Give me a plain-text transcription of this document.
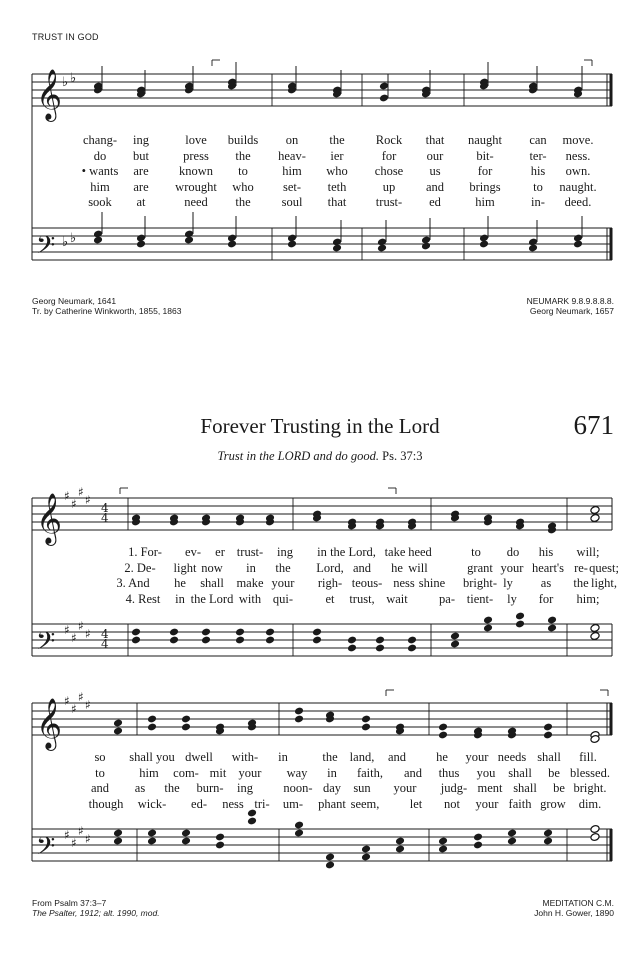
𝄞
𝄢
♭ ♭
♭ ♭
𝄞
𝄢
♯
♯
♯
♯
♯
♯
♯
♯
4
4
4
4
𝄞
𝄢
♯
♯
♯
♯
♯
♯
♯
♯
TRUST IN GOD
chang- ing	love builds on the Rock that naught can move.
do but	press the heav- ier	for our	bit-	ter- ness.
• wants are known to	him who chose us	for	his own.
him are wrought who set- teth	up and brings	to naught.
sook at	need the soul that trust- ed	him	in- deed.
Georg Neumark, 1641
Tr. by Catherine Winkworth, 1855, 1863
NEUMARK 9.8.9.8.8.8.
Georg Neumark, 1657
Forever Trusting in the Lord	671
Trust in the LORD and do good. Ps. 37:3
1. For- ev- er trust- ing in the Lord, take heed	to do his will;
2. De- light now in the Lord, and he will	grant your heart's re- quest;
3. And he shall make your righ- teous- ness shine bright- ly as the light,
4. Rest in the Lord with qui-	et trust, wait	pa- tient- ly for him;
so shall you dwell with- in	the land, and he your needs shall fill.
to	him com- mit your way in faith, and thus you shall be blessed.
and as the burn- ing noon- day sun your judg- ment shall be bright.
though wick- ed- ness tri- um- phant seem, let not your faith grow dim.
From Psalm 37:3–7
The Psalter, 1912; alt. 1990, mod.
MEDITATION C.M.
John H. Gower, 1890
